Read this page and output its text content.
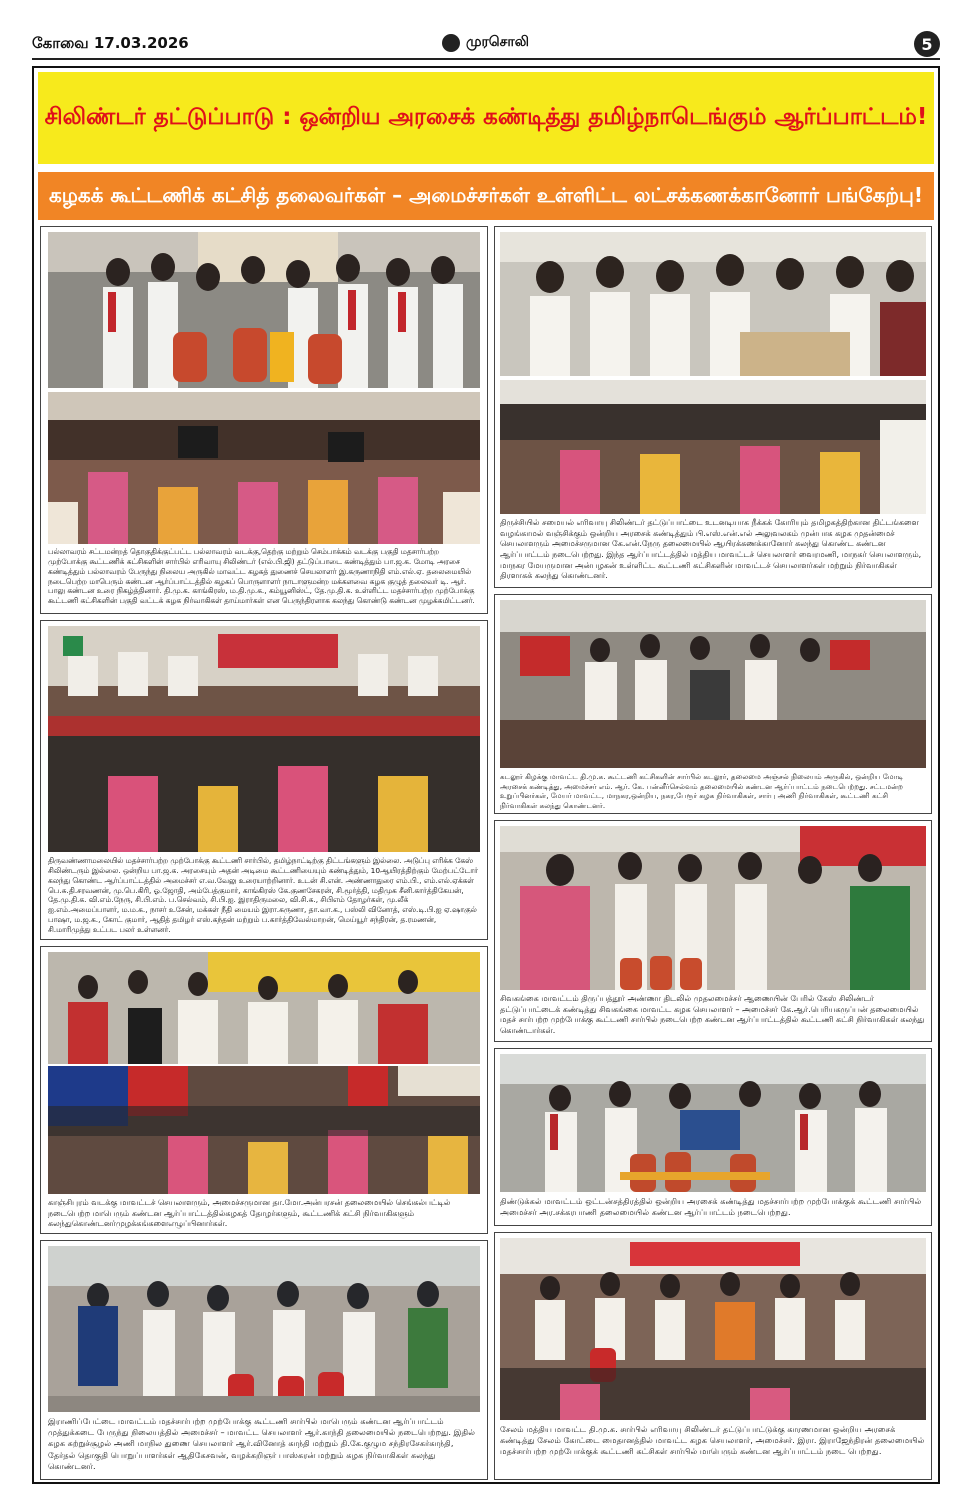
கோவை 17.03.2026	முரசொலி	5
சிலிண்டர் தட்டுப்பாடு : ஒன்றிய அரசைக் கண்டித்து தமிழ்நாடெங்கும் ஆர்ப்பாட்டம்!
கழகக் கூட்டணிக் கட்சித் தலைவர்கள் – அமைச்சர்கள் உள்ளிட்ட லட்சக்கணக்கானோர் பங்கேற்பு!
பல்லாவரம் சட்டமன்றத் தொகுதிக்குட்பட்ட பல்லாவரம் வடக்கு,தெற்கு மற்றும் செம்பாக்கம் வடக்கு பகுதி மதசார்பற்ற முற்போக்கு கூட்டணிக் கட்சிகளின் சார்பில் எரிவாயு சிலிண்டர் (எல்.பி.ஜி) தட்டுப்பாடை கண்டித்தும் பா.ஜ.க. மோடி அரசை கண்டித்தும் பல்லாவரம் பேருந்து நிலைய அருகில் மாவட்ட கழகத் துணைச் செயலாளர் இ.கருணாநிதி எம்.எல்.ஏ. தலைமையில் நடைபெற்ற மாபெரும் கண்டன ஆர்ப்பாட்டத்தில் கழகப் பொருளாளர் நாடாளுமன்ற மக்களவை கழக குழுத் தலைவர் டி. ஆர். பாலு கண்டன உரை நிகழ்த்தினார். தி.மு.க. காங்கிரஸ், ம.தி.மு.க., கம்யூனிஸ்ட், தே.மு.தி.க. உள்ளிட்ட மதச்சார்பற்ற முற்போக்கு கூட்டணி கட்சிகளின் பகுதி வட்டக் கழக நிர்வாகிகள் தாய்மார்கள் என பெருந்திரளாக கலந்து கொண்டு கண்டன முழக்கமிட்டனர்.
திருவண்ணாமலையில் மதச்சார்பற்ற முற்போக்கு கூட்டணி சார்பில், தமிழ்நாட்டிற்கு திட்டங்களும் இல்லை. அடுப்பு எரிக்க கேஸ் சிலிண்டரும் இல்லை. ஒன்றிய பா.ஜ.க. அரசையும் அதன் அடிமை கூட்டணியையும் கண்டித்தும், 10ஆயிரத்திற்கும் மேற்பட்டோர் கலந்து கொண்ட ஆர்ப்பாட்டத்தில் அமைச்சர் எ.வ.வேலு உரையாற்றினார். உடன் சி.என். அண்ணாதுரை எம்.பி., எம்.எல்.ஏக்கள் பெ.சு.தி.சரவணன், மு.பெ.கிரி, ஓ.ஜோதி, அம்பேத்குமார், காங்கிரஸ் கே.குணசேகரன், சி.மூர்த்தி, மதிமுக சீனி.கார்த்திகேயன், தே.மு.தி.க. வி.எம்.நேரு, சி.பி.எம். ப.செல்வம், சி.பி.ஐ. இராதிருமலை, வி.சி.க., சிபிஎம் தோழர்கள், மு.லீக் ஐ.எம்.அமைப்பாளர், ம.ம.க., நாசர் உசேன், மக்கள் நீதி மையம் இரா.கருணா, தா.வா.க., பஸ்லி வினோத், எஸ்.டி.பி.ஐ ஏ.ஷாகுல் பாஷா, ம.ஜ.க., கோட் குமார், ஆதித் தமிழர் எஸ்.கந்தன் மற்றும் ப.கார்த்திவேல்மாறன், மெய்யூர் சந்திரன், த.ரமணன், சி.மாரிமுத்து உட்பட பலர் உள்ளனர்.
காஞ்சிபுரம் வடக்கு மாவட்டச் செயலாளரும், அமைச்சருமான தா.மோ.அன்பரசன் தலைமையில் செங்கல்பட்டில் நடைபெற்ற மாபெரும் கண்டன ஆர்ப்பாட்டத்தில்கழகத் தோழர்களும், கூட்டணிக் கட்சி நிர்வாகிகளும் கலந்துகொண்டனர்முழக்கங்களைஎழுப்பினார்கள்.
இராணிப்பேட்டை மாவட்டம் மதச்சார்பற்ற முற்போக்கு கூட்டணி சார்பில் மாபெரும் கண்டன ஆர்ப்பாட்டம் முத்துக்கடை பேருந்து நிலையத்தில் அமைச்சர் – மாவட்ட செயலாளர் ஆர்.காந்தி தலைமையில் நடைபெற்றது. இதில் கழக சுற்றுச்சூழல் அணி மாநில துணை செயலாளர் ஆர்.வினோத் காந்தி மற்றும் தி.கே.குழும சந்திரசேகர்காந்தி, தேர்தல் தொகுதி பொறுப்பாளர்கள் ஆதிகேசவன், வழக்கறிஞர் பாஸ்கரன் மற்றும் கழக நிர்வாகிகள் கலந்து கொண்டனர்.
திருச்சியில் சமையல் எரிவாயு சிலிண்டர் தட்டுப்பாட்டை உடனடியாக நீக்கக் கோரியும் தமிழகத்திற்கான திட்டங்களை வழங்காமல் வஞ்சிக்கும் ஒன்றிய அரசைக் கண்டித்தும் பி.எஸ்.என்.எல் அலுவலகம் முன்பாக கழக முதன்மைச் செயலாளரும் அமைச்சருமான கே.என்.நேரு தலைமையில் ஆயிரக்கணக்கானோர் கலந்து கொண்ட கண்டன ஆர்ப்பாட்டம் நடைபெற்றது. இந்த ஆர்ப்பாட்டத்தில் மத்திய மாவட்டச் செயலாளர் வைரமணி, மாநகர் செயலாளரும், மாநகர மேயருமான அன்பழகன் உள்ளிட்ட கூட்டணி கட்சிகளின் மாவட்டச் செயலாளர்கள் மற்றும் நிர்வாகிகள் திரளாகக் கலந்து கொண்டனர்.
கடலூர் கிழக்கு மாவட்ட தி.மு.க. கூட்டணி கட்சிகளின் சார்பில் கடலூர், தலைமை அஞ்சல் நிலையம் அருகில், ஒன்றிய மோடி அரசைக் கண்டித்து, அமைச்சர் எம். ஆர். கே. பன்னீர்செல்வம் தலைமையில் கண்டன ஆர்ப்பாட்டம் நடைபெற்றது. சட்டமன்ற உறுப்பினர்கள், மேயர் மாவட்ட, மாநகர,ஒன்றிய, நகர,பேரூர் கழக நிர்வாகிகள், சார்பு அணி நிர்வாகிகள், கூட்டணி கட்சி நிர்வாகிகள் கலந்து கொண்டனர்.
சிவகங்கை மாவட்டம் திருப்பத்தூர் அண்ணா திடலில் முதலமைச்சர் ஆணையின் பேரில் கேஸ் சிலிண்டர் தட்டுப்பாட்டைக் கண்டித்து சிவகங்கை மாவட்ட கழக செயலாளர் – அமைச்சர் கே.ஆர்.பெரியகருப்பன் தலைமையில் மதச் சார்பற்ற முற்போக்கு கூட்டணி சார்பில் நடைபெற்ற கண்டன ஆர்ப்பாட்டத்தில் கூட்டணி கட்சி நிர்வாகிகள் கலந்து கொண்டார்கள்.
திண்டுக்கல் மாவட்டம் ஒட்டன்சத்திரத்தில் ஒன்றிய அரசைக் கண்டித்து மதச்சார்பற்ற முற்போக்குக் கூட்டணி சார்பில் அமைச்சர் அர.சக்கரபாணி தலைமையில் கண்டன ஆர்ப்பாட்டம் நடைபெற்றது.
சேலம் மத்திய மாவட்ட தி.மு.க. சார்பில் எரிவாயு சிலிண்டர் தட்டுப்பாட்டுக்கு காரணமான ஒன்றிய அரசைக் கண்டித்து சேலம் கோட்டை மைதானத்தில் மாவட்ட கழக செயலாளர், அமைச்சர். இரா. இராஜேந்திரன் தலைமையில் மதச்சார்பற்ற முற்போக்குக் கூட்டணி கட்சிகள் சார்பில் மாபெரும் கண்டன ஆர்ப்பாட்டம் நடை பெற்றது.
